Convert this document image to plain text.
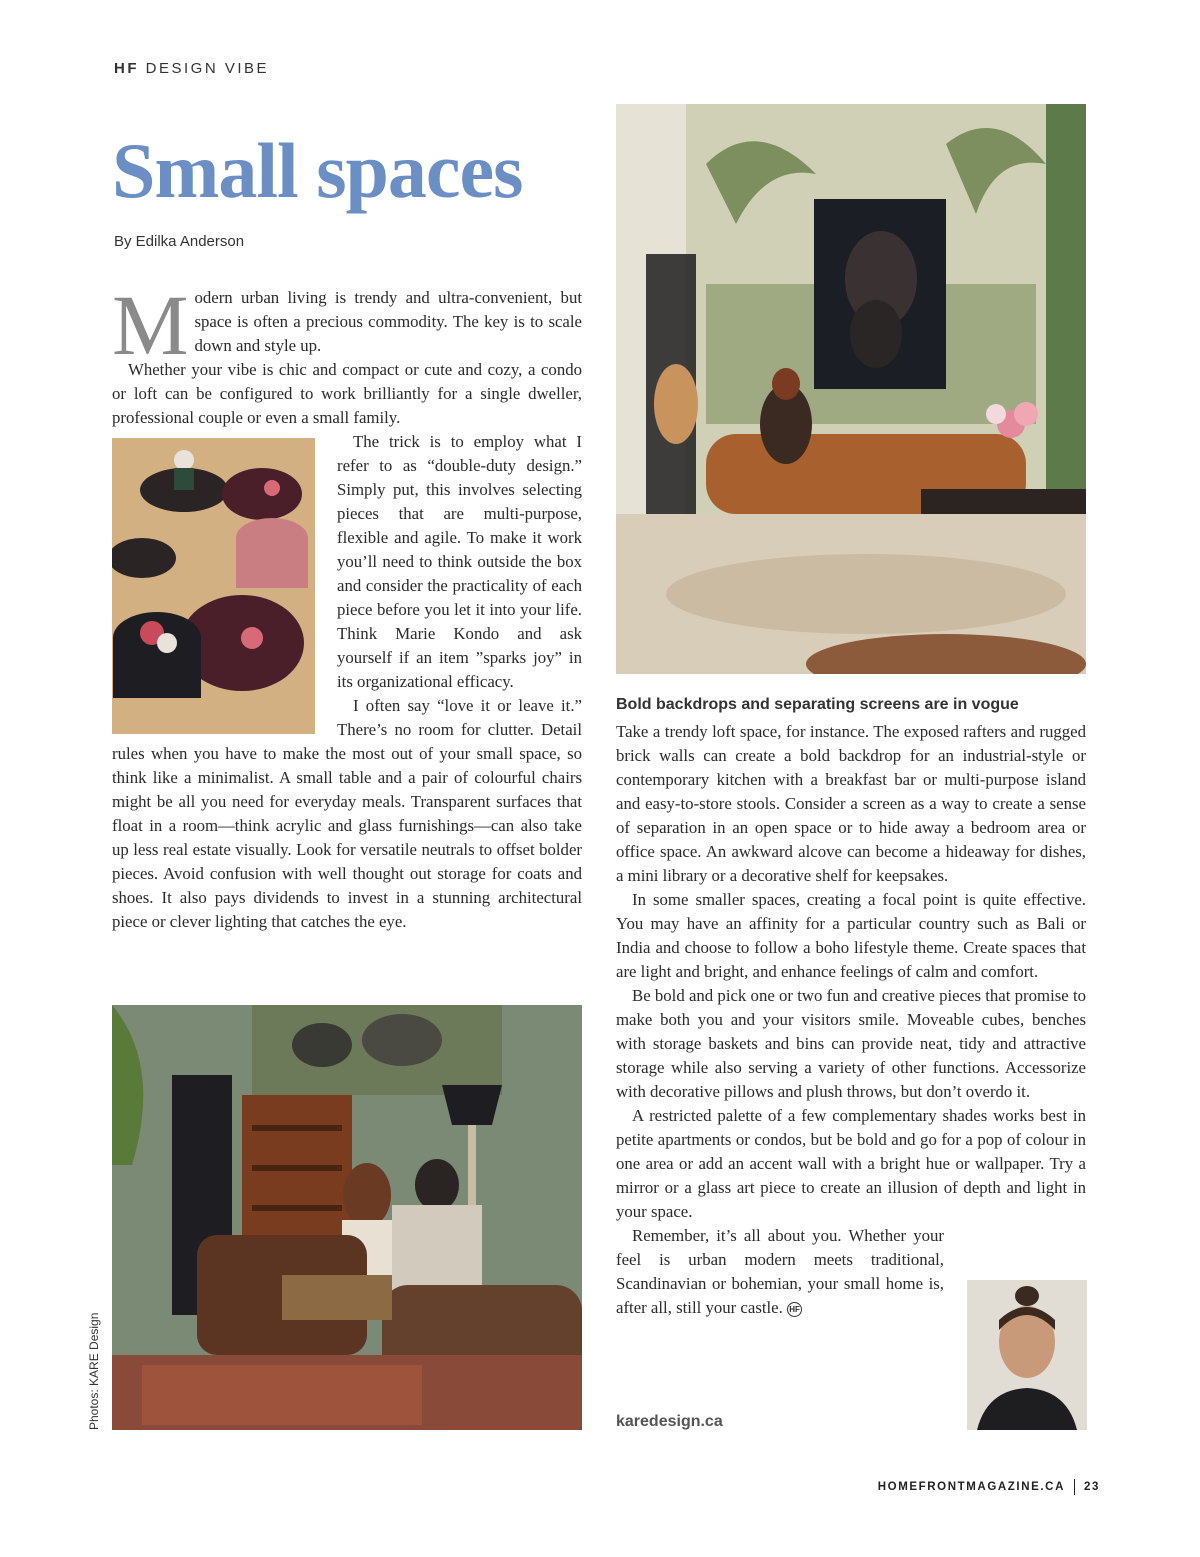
HF DESIGN VIBE
Small spaces
By Edilka Anderson

Modern urban living is trendy and ultra-convenient, but space is often a precious commodity. The key is to scale down and style up.

Whether your vibe is chic and compact or cute and cozy, a condo or loft can be configured to work brilliantly for a single dweller, professional couple or even a small family.

The trick is to employ what I refer to as “double-duty design.” Simply put, this involves selecting pieces that are multi-purpose, flexible and agile. To make it work you’ll need to think outside the box and consider the practicality of each piece before you let it into your life. Think Marie Kondo and ask yourself if an item ”sparks joy” in its organizational efficacy.

I often say “love it or leave it.” There’s no room for clutter. Detail rules when you have to make the most out of your small space, so think like a minimalist. A small table and a pair of colourful chairs might be all you need for everyday meals. Transparent surfaces that float in a room—think acrylic and glass furnishings—can also take up less real estate visually. Look for versatile neutrals to offset bolder pieces. Avoid confusion with well thought out storage for coats and shoes. It also pays dividends to invest in a stunning architectural piece or clever lighting that catches the eye.

Photos: KARE Design
Bold backdrops and separating screens are in vogue

Take a trendy loft space, for instance. The exposed rafters and rugged brick walls can create a bold backdrop for an industrial-style or contemporary kitchen with a breakfast bar or multi-purpose island and easy-to-store stools. Consider a screen as a way to create a sense of separation in an open space or to hide away a bedroom area or office space. An awkward alcove can become a hideaway for dishes, a mini library or a decorative shelf for keepsakes.

In some smaller spaces, creating a focal point is quite effective. You may have an affinity for a particular country such as Bali or India and choose to follow a boho lifestyle theme. Create spaces that are light and bright, and enhance feelings of calm and comfort.

Be bold and pick one or two fun and creative pieces that promise to make both you and your visitors smile. Moveable cubes, benches with storage baskets and bins can provide neat, tidy and attractive storage while also serving a variety of other functions. Accessorize with decorative pillows and plush throws, but don’t overdo it.

A restricted palette of a few complementary shades works best in petite apartments or condos, but be bold and go for a pop of colour in one area or add an accent wall with a bright hue or wallpaper. Try a mirror or a glass art piece to create an illusion of depth and light in your space.

Remember, it’s all about you. Whether your feel is urban modern meets traditional, Scandinavian or bohemian, your small home is, after all, still your castle. HF

karedesign.ca
HOMEFRONTMAGAZINE.CA 23
